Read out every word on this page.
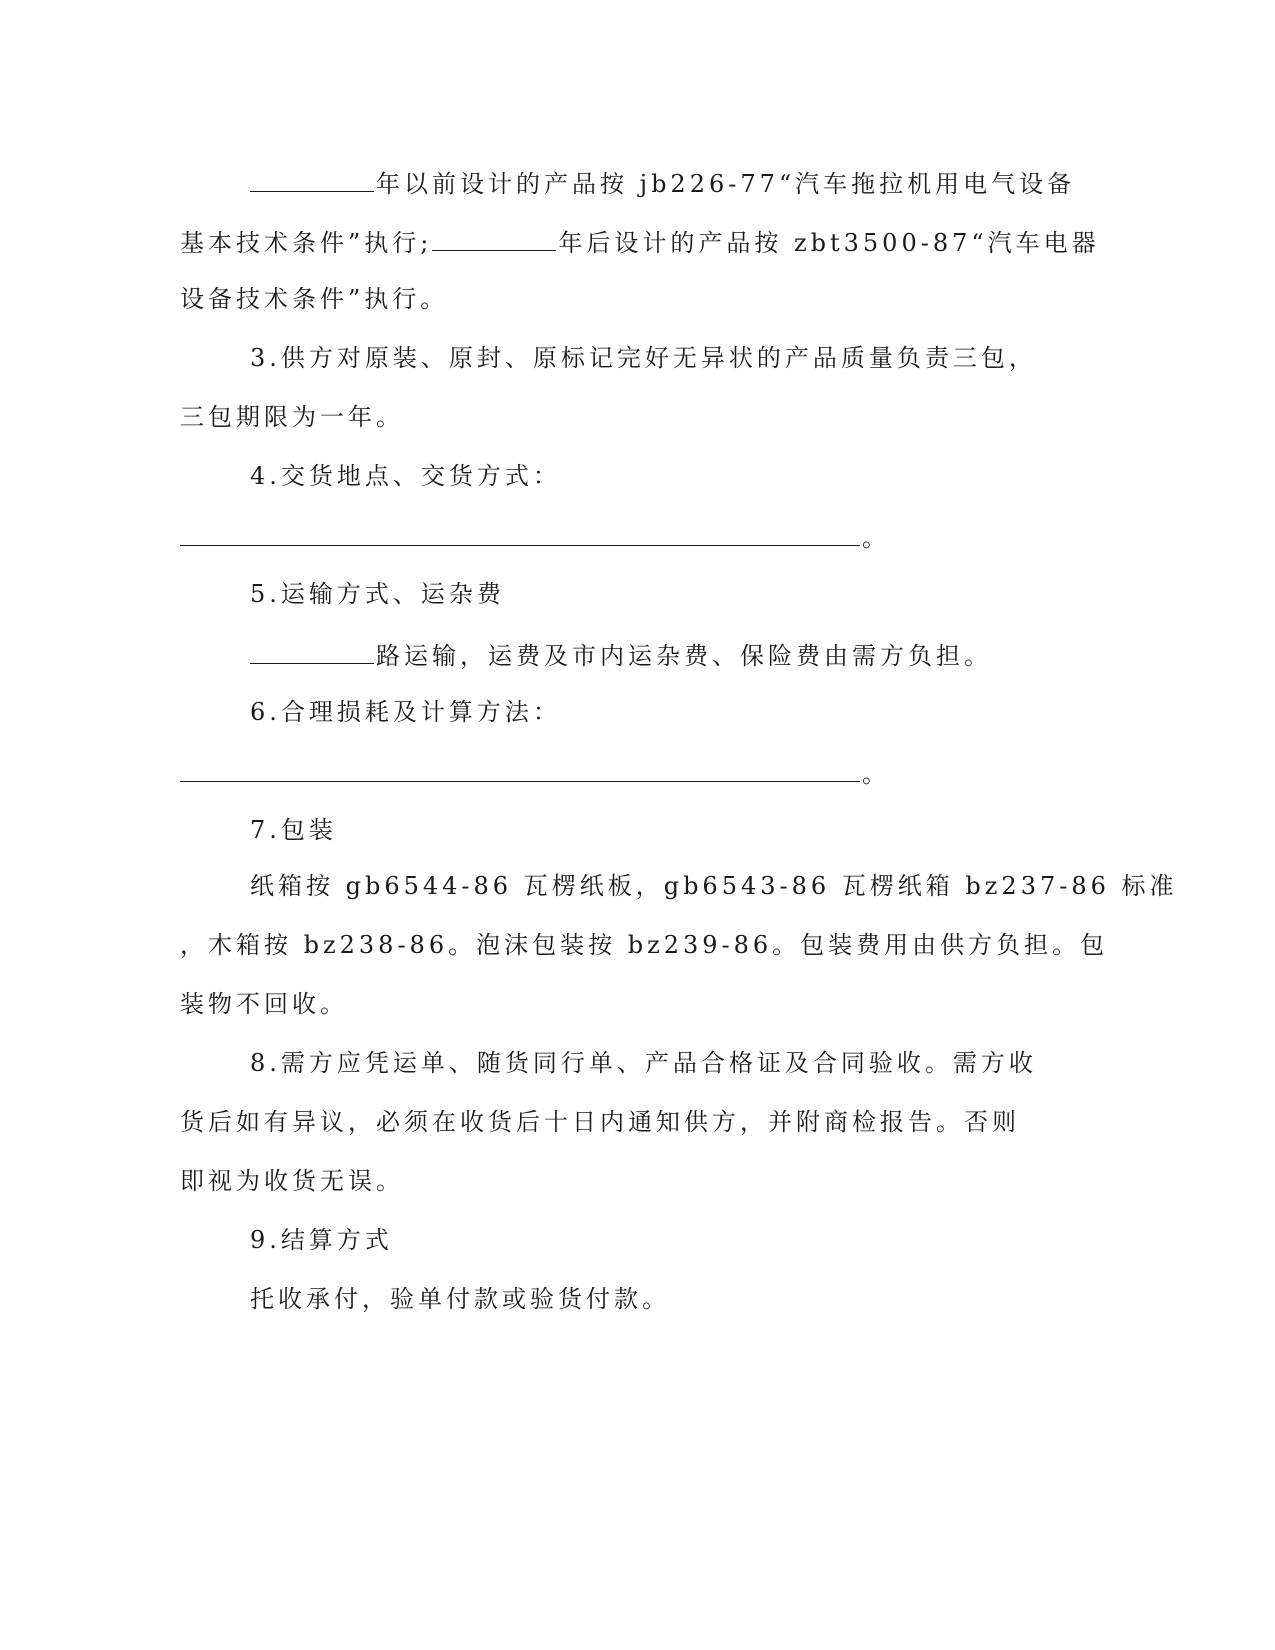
年以前设计的产品按 jb226-77“汽车拖拉机用电气设备
基本技术条件”执行;	年后设计的产品按 zbt3500-87“汽车电器
设备技术条件”执行。
3.供方对原装、原封、原标记完好无异状的产品质量负责三包，
三包期限为一年。
4.交货地点、交货方式：
。
5.运输方式、运杂费
路运输，运费及市内运杂费、保险费由需方负担。
6.合理损耗及计算方法：
。
7.包装
纸箱按 gb6544-86 瓦楞纸板，gb6543-86 瓦楞纸箱 bz237-86 标准
，木箱按 bz238-86。泡沫包装按 bz239-86。包装费用由供方负担。包
装物不回收。
8.需方应凭运单、随货同行单、产品合格证及合同验收。需方收
货后如有异议，必须在收货后十日内通知供方，并附商检报告。否则
即视为收货无误。
9.结算方式
托收承付，验单付款或验货付款。
